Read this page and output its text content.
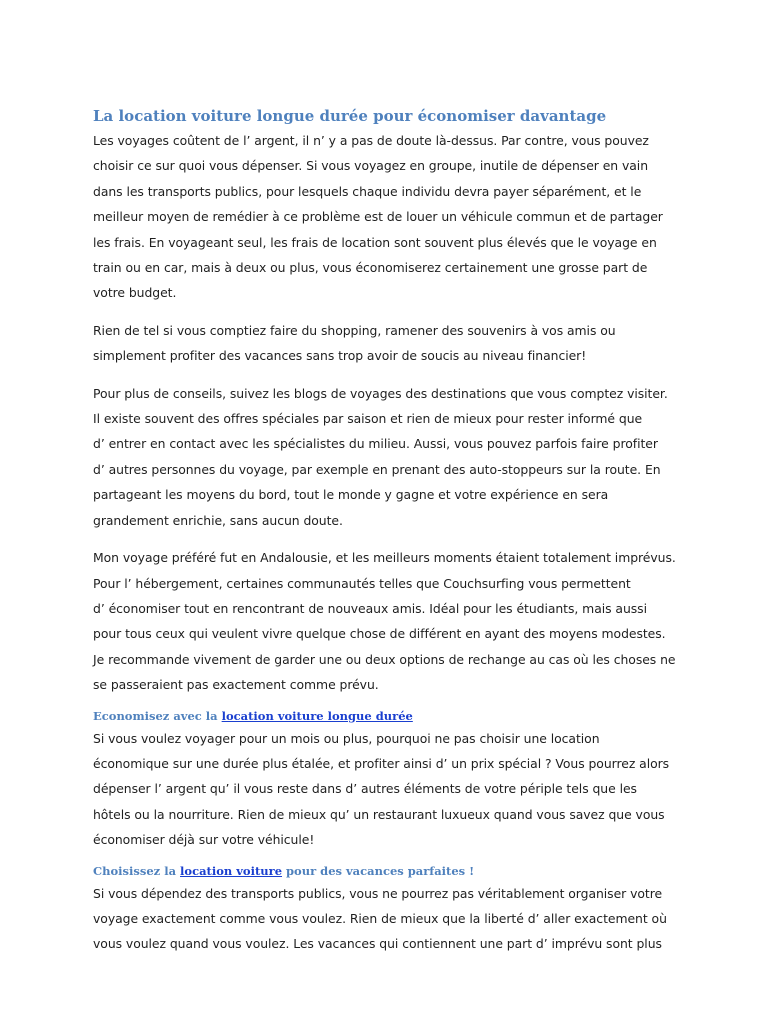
La location voiture longue durée pour économiser davantage

Les voyages coûtent de l’ argent, il n’ y a pas de doute là-dessus. Par contre, vous pouvez
choisir ce sur quoi vous dépenser. Si vous voyagez en groupe, inutile de dépenser en vain
dans les transports publics, pour lesquels chaque individu devra payer séparément, et le
meilleur moyen de remédier à ce problème est de louer un véhicule commun et de partager
les frais. En voyageant seul, les frais de location sont souvent plus élevés que le voyage en
train ou en car, mais à deux ou plus, vous économiserez certainement une grosse part de
votre budget.

Rien de tel si vous comptiez faire du shopping, ramener des souvenirs à vos amis ou
simplement profiter des vacances sans trop avoir de soucis au niveau financier!

Pour plus de conseils, suivez les blogs de voyages des destinations que vous comptez visiter.
Il existe souvent des offres spéciales par saison et rien de mieux pour rester informé que
d’ entrer en contact avec les spécialistes du milieu. Aussi, vous pouvez parfois faire profiter
d’ autres personnes du voyage, par exemple en prenant des auto-stoppeurs sur la route. En
partageant les moyens du bord, tout le monde y gagne et votre expérience en sera
grandement enrichie, sans aucun doute.

Mon voyage préféré fut en Andalousie, et les meilleurs moments étaient totalement imprévus.
Pour l’ hébergement, certaines communautés telles que Couchsurfing vous permettent
d’ économiser tout en rencontrant de nouveaux amis. Idéal pour les étudiants, mais aussi
pour tous ceux qui veulent vivre quelque chose de différent en ayant des moyens modestes.
Je recommande vivement de garder une ou deux options de rechange au cas où les choses ne
se passeraient pas exactement comme prévu.

Economisez avec la location voiture longue durée

Si vous voulez voyager pour un mois ou plus, pourquoi ne pas choisir une location
économique sur une durée plus étalée, et profiter ainsi d’ un prix spécial ? Vous pourrez alors
dépenser l’ argent qu’ il vous reste dans d’ autres éléments de votre périple tels que les
hôtels ou la nourriture. Rien de mieux qu’ un restaurant luxueux quand vous savez que vous
économiser déjà sur votre véhicule!

Choisissez la location voiture pour des vacances parfaites !

Si vous dépendez des transports publics, vous ne pourrez pas véritablement organiser votre
voyage exactement comme vous voulez. Rien de mieux que la liberté d’ aller exactement où
vous voulez quand vous voulez. Les vacances qui contiennent une part d’ imprévu sont plus
